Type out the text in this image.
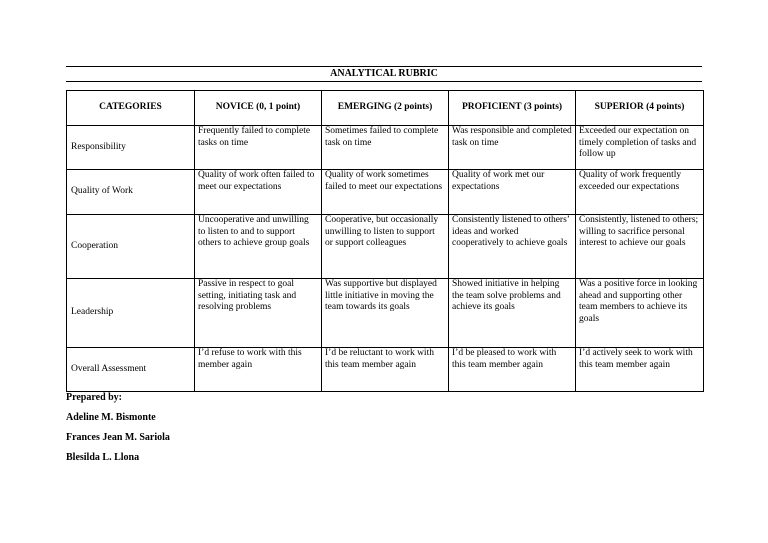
ANALYTICAL RUBRIC
CATEGORIES	NOVICE (0, 1 point)	EMERGING (2 points)	PROFICIENT (3 points)	SUPERIOR (4 points)
Responsibility	Frequently failed to complete tasks on time	Sometimes failed to complete task on time	Was responsible and completed task on time	Exceeded our expectation on timely completion of tasks and follow up
Quality of Work	Quality of work often failed to meet our expectations	Quality of work sometimes failed to meet our expectations	Quality of work met our expectations	Quality of work frequently exceeded our expectations
Cooperation	Uncooperative and unwilling to listen to and to support others to achieve group goals	Cooperative, but occasionally unwilling to listen to support or support colleagues	Consistently listened to others’ ideas and worked cooperatively to achieve goals	Consistently, listened to others; willing to sacrifice personal interest to achieve our goals
Leadership	Passive in respect to goal setting, initiating task and resolving problems	Was supportive but displayed little initiative in moving the team towards its goals	Showed initiative in helping the team solve problems and achieve its goals	Was a positive force in looking ahead and supporting other team members to achieve its goals
Overall Assessment	I’d refuse to work with this member again	I’d be reluctant to work with this team member again	I’d be pleased to work with this team member again	I’d actively seek to work with this team member again
Prepared by:
Adeline M. Bismonte
Frances Jean M. Sariola
Blesilda L. Llona
